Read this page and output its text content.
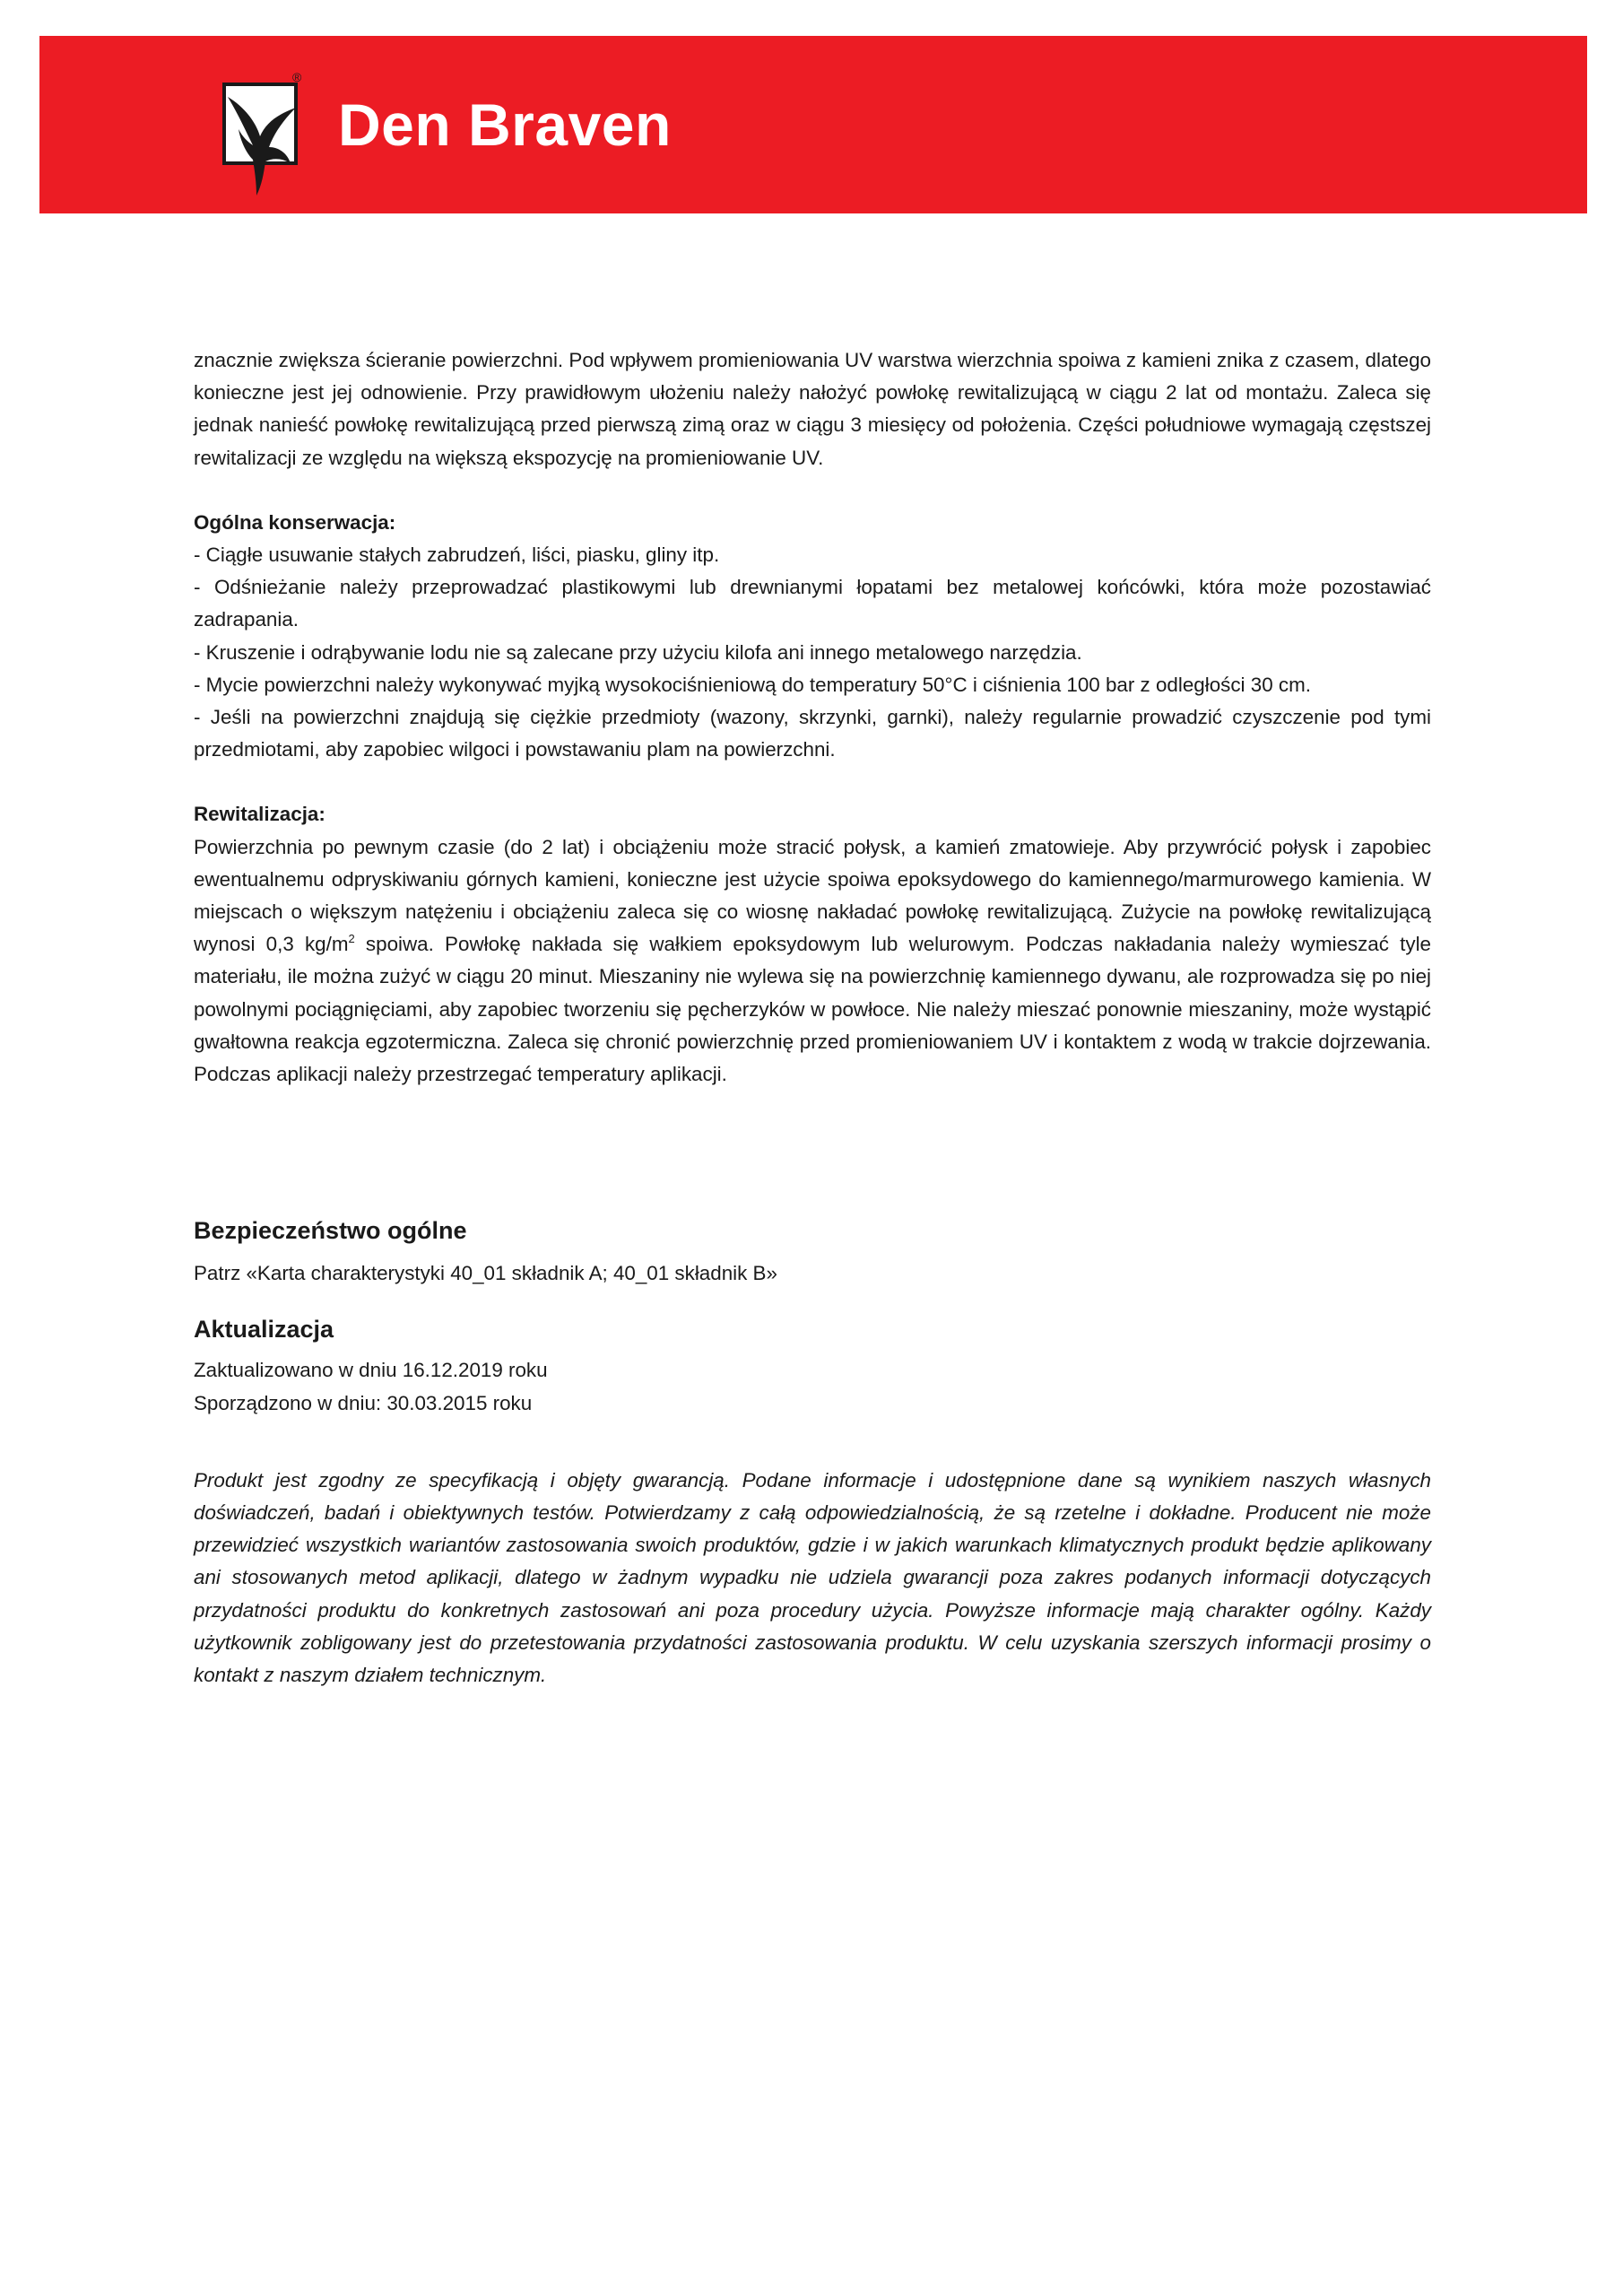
®
Den Braven

znacznie zwiększa ścieranie powierzchni. Pod wpływem promieniowania UV warstwa wierzchnia spoiwa z kamieni znika z czasem, dlatego konieczne jest jej odnowienie. Przy prawidłowym ułożeniu należy nałożyć powłokę rewitalizującą w ciągu 2 lat od montażu. Zaleca się jednak nanieść powłokę rewitalizującą przed pierwszą zimą oraz w ciągu 3 miesięcy od położenia. Części południowe wymagają częstszej rewitalizacji ze względu na większą ekspozycję na promieniowanie UV.

Ogólna konserwacja:

- Ciągłe usuwanie stałych zabrudzeń, liści, piasku, gliny itp.

- Odśnieżanie należy przeprowadzać plastikowymi lub drewnianymi łopatami bez metalowej końcówki, która może pozostawiać zadrapania.

- Kruszenie i odrąbywanie lodu nie są zalecane przy użyciu kilofa ani innego metalowego narzędzia.

- Mycie powierzchni należy wykonywać myjką wysokociśnieniową do temperatury 50°C i ciśnienia 100 bar z odległości 30 cm.

- Jeśli na powierzchni znajdują się ciężkie przedmioty (wazony, skrzynki, garnki), należy regularnie prowadzić czyszczenie pod tymi przedmiotami, aby zapobiec wilgoci i powstawaniu plam na powierzchni.

Rewitalizacja:

Powierzchnia po pewnym czasie (do 2 lat) i obciążeniu może stracić połysk, a kamień zmatowieje. Aby przywrócić połysk i zapobiec ewentualnemu odpryskiwaniu górnych kamieni, konieczne jest użycie spoiwa epoksydowego do kamiennego/marmurowego kamienia. W miejscach o większym natężeniu i obciążeniu zaleca się co wiosnę nakładać powłokę rewitalizującą. Zużycie na powłokę rewitalizującą wynosi 0,3 $kg/m^2$ spoiwa. Powłokę nakłada się wałkiem epoksydowym lub welurowym. Podczas nakładania należy wymieszać tyle materiału, ile można zużyć w ciągu 20 minut. Mieszaniny nie wylewa się na powierzchnię kamiennego dywanu, ale rozprowadza się po niej powolnymi pociągnięciami, aby zapobiec tworzeniu się pęcherzyków w powłoce. Nie należy mieszać ponownie mieszaniny, może wystąpić gwałtowna reakcja egzotermiczna. Zaleca się chronić powierzchnię przed promieniowaniem UV i kontaktem z wodą w trakcie dojrzewania. Podczas aplikacji należy przestrzegać temperatury aplikacji.

Bezpieczeństwo ogólne

Patrz «Karta charakterystyki 40_01 składnik A; 40_01 składnik B»

Aktualizacja

Zaktualizowano w dniu 16.12.2019 roku

Sporządzono w dniu: 30.03.2015 roku

Produkt jest zgodny ze specyfikacją i objęty gwarancją. Podane informacje i udostępnione dane są wynikiem naszych własnych doświadczeń, badań i obiektywnych testów. Potwierdzamy z całą odpowiedzialnością, że są rzetelne i dokładne. Producent nie może przewidzieć wszystkich wariantów zastosowania swoich produktów, gdzie i w jakich warunkach klimatycznych produkt będzie aplikowany ani stosowanych metod aplikacji, dlatego w żadnym wypadku nie udziela gwarancji poza zakres podanych informacji dotyczących przydatności produktu do konkretnych zastosowań ani poza procedury użycia. Powyższe informacje mają charakter ogólny. Każdy użytkownik zobligowany jest do przetestowania przydatności zastosowania produktu. W celu uzyskania szerszych informacji prosimy o kontakt z naszym działem technicznym.
